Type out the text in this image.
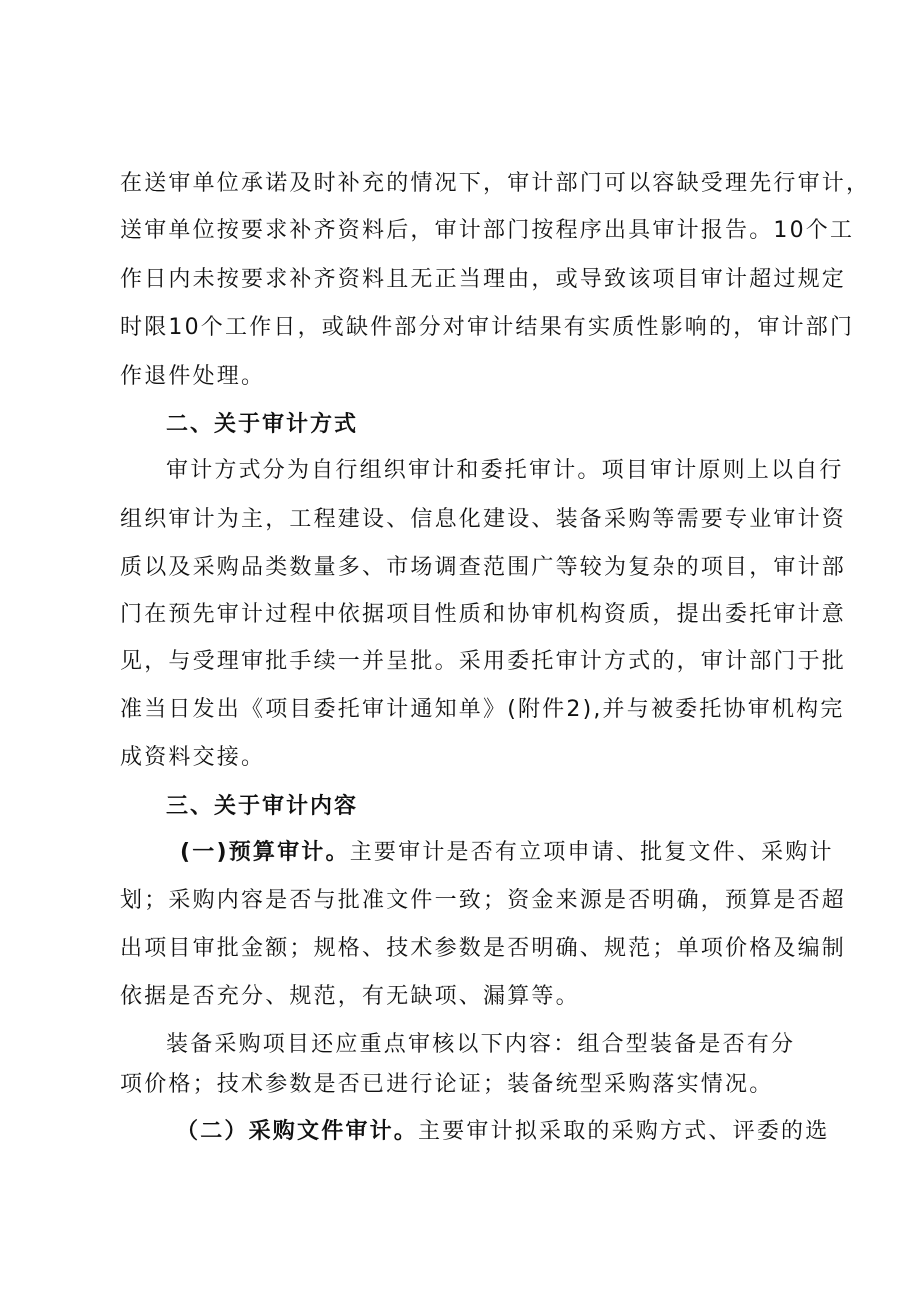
在送审单位承诺及时补充的情况下，审计部门可以容缺受理先行审计，
送审单位按要求补齐资料后，审计部门按程序出具审计报告。10个工
作日内未按要求补齐资料且无正当理由，或导致该项目审计超过规定
时限10个工作日，或缺件部分对审计结果有实质性影响的，审计部门
作退件处理。
二、关于审计方式
审计方式分为自行组织审计和委托审计。项目审计原则上以自行
组织审计为主，工程建设、信息化建设、装备采购等需要专业审计资
质以及采购品类数量多、市场调查范围广等较为复杂的项目，审计部
门在预先审计过程中依据项目性质和协审机构资质，提出委托审计意
见，与受理审批手续一并呈批。采用委托审计方式的，审计部门于批
准当日发出《项目委托审计通知单》(附件2),并与被委托协审机构完
成资料交接。
三、关于审计内容
(一)预算审计。主要审计是否有立项申请、批复文件、采购计
划；采购内容是否与批准文件一致；资金来源是否明确，预算是否超
出项目审批金额；规格、技术参数是否明确、规范；单项价格及编制
依据是否充分、规范，有无缺项、漏算等。
装备采购项目还应重点审核以下内容：组合型装备是否有分
项价格；技术参数是否已进行论证；装备统型采购落实情况。
（二）采购文件审计。主要审计拟采取的采购方式、评委的选
